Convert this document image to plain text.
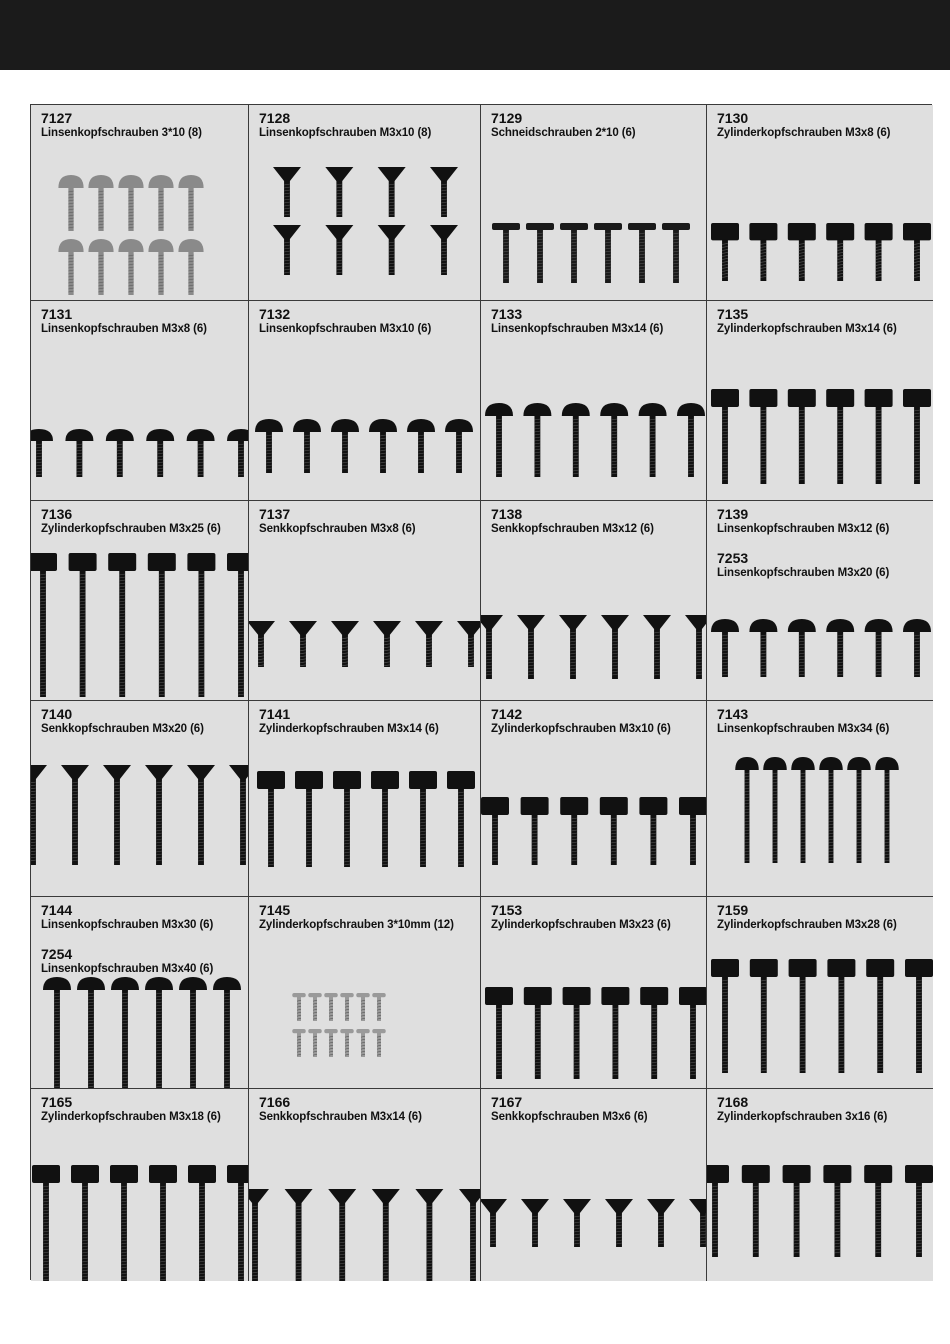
7127
Linsenkopfschrauben 3*10 (8)
7128
Linsenkopfschrauben M3x10 (8)
7129
Schneidschrauben 2*10 (6)
7130
Zylinderkopfschrauben M3x8 (6)
7131
Linsenkopfschrauben M3x8 (6)
7132
Linsenkopfschrauben M3x10 (6)
7133
Linsenkopfschrauben M3x14 (6)
7135
Zylinderkopfschrauben M3x14 (6)
7136
Zylinderkopfschrauben M3x25 (6)
7137
Senkkopfschrauben M3x8 (6)
7138
Senkkopfschrauben M3x12 (6)
7139
Linsenkopfschrauben M3x12 (6)
7253
Linsenkopfschrauben M3x20 (6)
7140
Senkkopfschrauben M3x20 (6)
7141
Zylinderkopfschrauben M3x14 (6)
7142
Zylinderkopfschrauben M3x10 (6)
7143
Linsenkopfschrauben M3x34 (6)
7144
Linsenkopfschrauben M3x30 (6)
7254
Linsenkopfschrauben M3x40 (6)
7145
Zylinderkopfschrauben 3*10mm (12)
7153
Zylinderkopfschrauben M3x23 (6)
7159
Zylinderkopfschrauben M3x28 (6)
7165
Zylinderkopfschrauben M3x18 (6)
7166
Senkkopfschrauben M3x14 (6)
7167
Senkkopfschrauben M3x6 (6)
7168
Zylinderkopfschrauben 3x16 (6)
